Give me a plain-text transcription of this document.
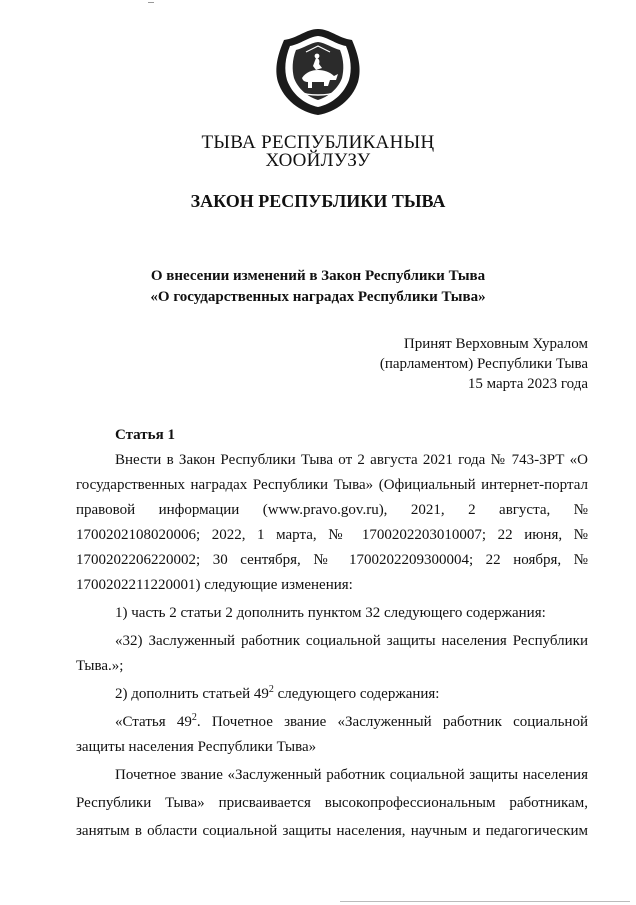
ТЫВА РЕСПУБЛИКАНЫҢ
ХООЙЛУЗУ
ЗАКОН РЕСПУБЛИКИ ТЫВА
О внесении изменений в Закон Республики Тыва
«О государственных наградах Республики Тыва»
Принят Верховным Хуралом
(парламентом) Республики Тыва
15 марта 2023 года
Статья 1
Внести в Закон Республики Тыва от 2 августа 2021 года № 743-ЗРТ «О
государственных наградах Республики Тыва» (Официальный интернет-портал
правовой информации (www.pravo.gov.ru), 2021, 2 августа, №
1700202108020006; 2022, 1 марта, № 1700202203010007; 22 июня, №
1700202206220002; 30 сентября, № 1700202209300004; 22 ноября, №
1700202211220001) следующие изменения:
1) часть 2 статьи 2 дополнить пунктом 32 следующего содержания:
«32) Заслуженный работник социальной защиты населения Республики
Тыва.»;
2) дополнить статьей $49^2$ следующего содержания:
«Статья $49^2$. Почетное звание «Заслуженный работник социальной
защиты населения Республики Тыва»
Почетное звание «Заслуженный работник социальной защиты населения
Республики Тыва» присваивается высокопрофессиональным работникам,
занятым в области социальной защиты населения, научным и педагогическим
